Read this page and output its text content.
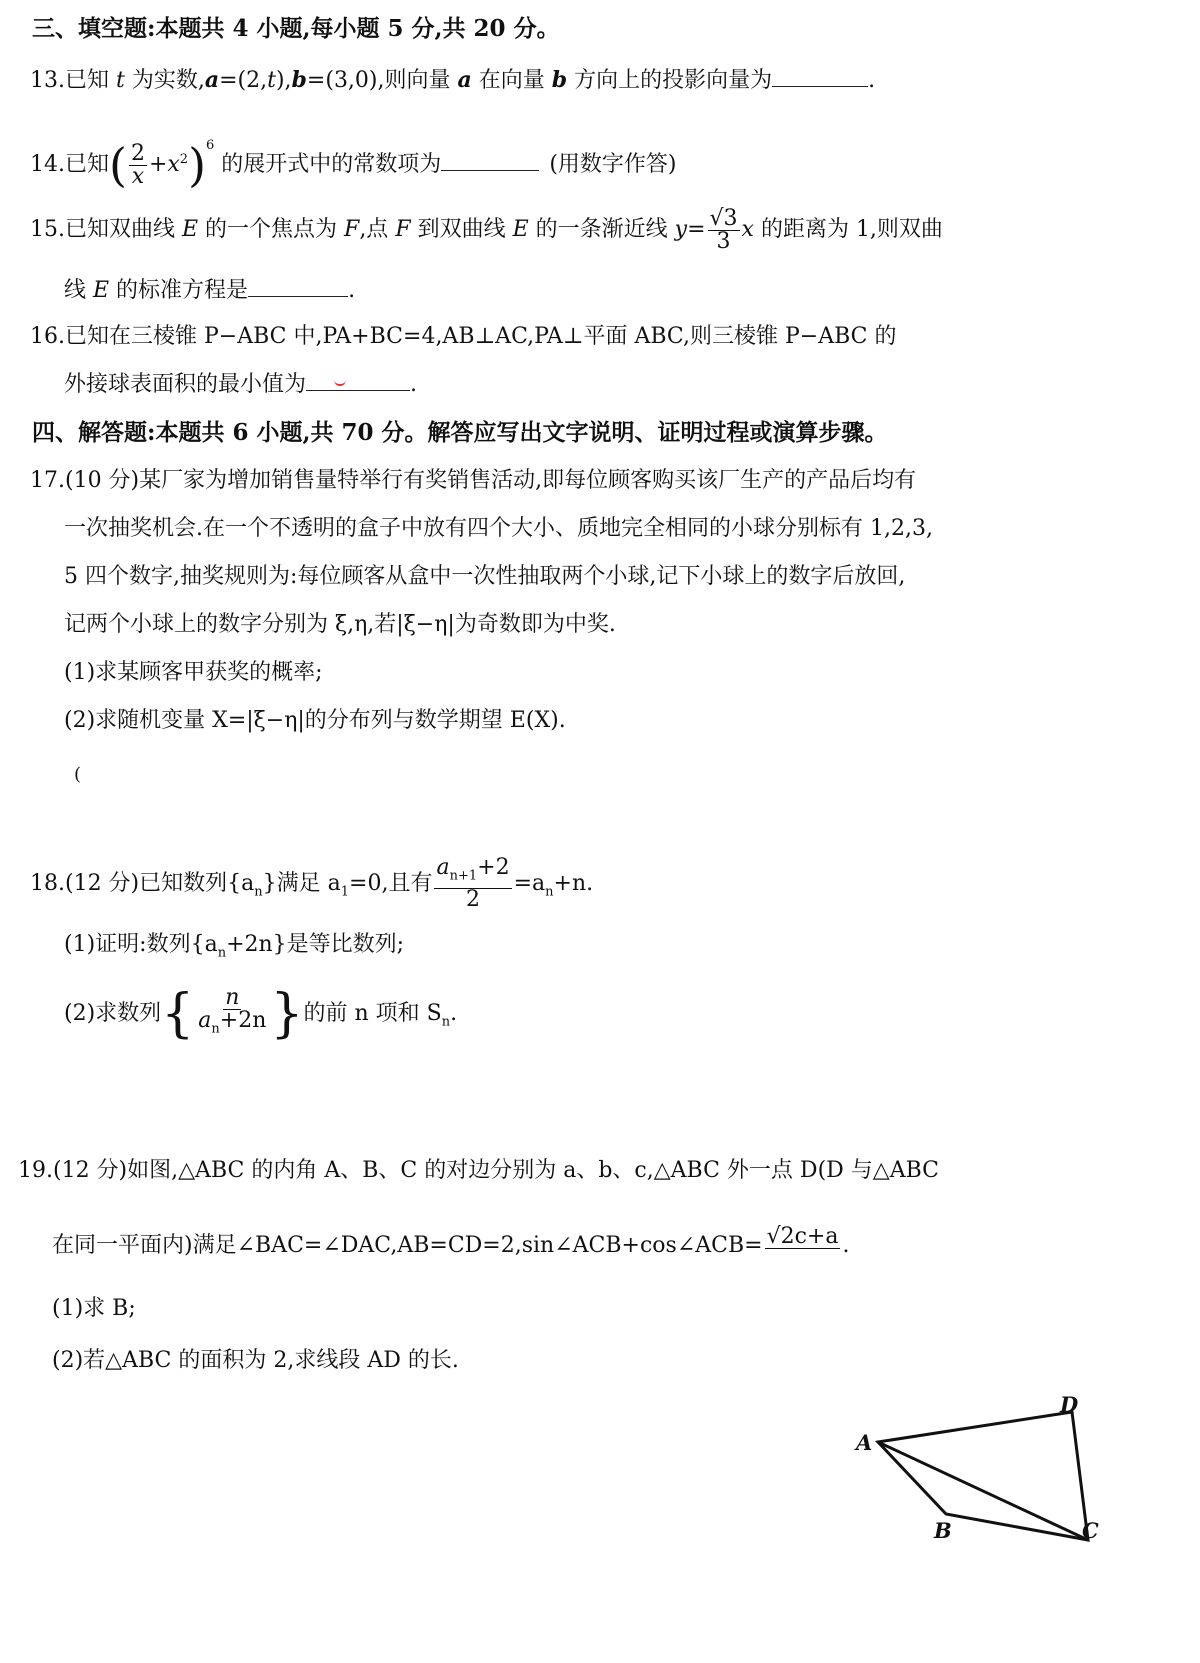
三、填空题:本题共 4 小题,每小题 5 分,共 20 分。
13.已知 t 为实数,a=(2,t),b=(3,0),则向量 a 在向量 b 方向上的投影向量为	.
14.已知( $\frac{2}{x} +x^2)^6$ 的展开式中的常数项为	(用数字作答)
15.已知双曲线 E 的一个焦点为 F,点 F 到双曲线 E 的一条渐近线 $y= \frac{√3}{3}$ x 的距离为 1,则双曲
线 E 的标准方程是	.
16.已知在三棱锥 P−ABC 中,PA+BC=4,AB⊥AC,PA⊥平面 ABC,则三棱锥 P−ABC 的
外接球表面积的最小值为	.
四、解答题:本题共 6 小题,共 70 分。解答应写出文字说明、证明过程或演算步骤。
17.(10 分)某厂家为增加销售量特举行有奖销售活动,即每位顾客购买该厂生产的产品后均有
一次抽奖机会.在一个不透明的盒子中放有四个大小、质地完全相同的小球分别标有 1,2,3,
5 四个数字,抽奖规则为:每位顾客从盒中一次性抽取两个小球,记下小球上的数字后放回,
记两个小球上的数字分别为 ξ,η,若|ξ−η|为奇数即为中奖.
(1)求某顾客甲获奖的概率;
(2)求随机变量 X=|ξ−η|的分布列与数学期望 E(X).
(
18.(12 分)已知数列$\{a_n\}$满足 $a_1=0$,且有 $\frac{a_{n+1}+2}{2} =a_n+n$.
(1)证明:数列$\{a_n+2n\}$是等比数列;
(2)求数列{ $\frac{n}{a_n+2n}$ }的前 n 项和 $S_n$.
19.(12 分)如图,△ABC 的内角 A、B、C 的对边分别为 a、b、c,△ABC 外一点 D(D 与△ABC
在同一平面内)满足∠BAC=∠DAC,AB=CD=2,sin∠ACB+cos∠ACB= √2c+a .
(1)求 B;
(2)若△ABC 的面积为 2,求线段 AD 的长.
A
B	C
D
